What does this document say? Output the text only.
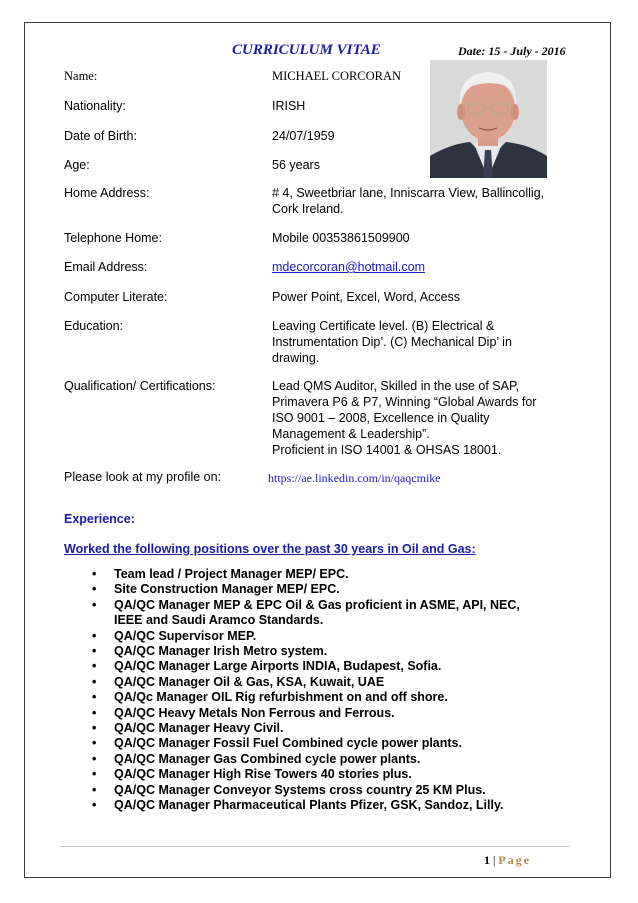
CURRICULUM VITAE	Date: 15 - July - 2016
Name:	MICHAEL CORCORAN
Nationality:	IRISH
Date of Birth:	24/07/1959
Age:	56 years
Home Address:	# 4, Sweetbriar lane, Inniscarra View, Ballincollig, Cork Ireland.
Telephone Home:	Mobile 00353861509900
Email Address:	mdecorcoran@hotmail.com
Computer Literate:	Power Point, Excel, Word, Access
Education:	Leaving Certificate level. (B) Electrical & Instrumentation Dip’. (C) Mechanical Dip’ in drawing.
Qualification/ Certifications:	Lead QMS Auditor, Skilled in the use of SAP, Primavera P6 & P7, Winning “Global Awards for ISO 9001 – 2008, Excellence in Quality Management & Leadership”.
Proficient in ISO 14001 & OHSAS 18001.
Please look at my profile on:	https://ae.linkedin.com/in/qaqcmike
Experience:
Worked the following positions over the past 30 years in Oil and Gas:
• Team lead / Project Manager MEP/ EPC.
• Site Construction Manager MEP/ EPC.
• QA/QC Manager MEP & EPC Oil & Gas proficient in ASME, API, NEC, IEEE and Saudi Aramco Standards.
• QA/QC Supervisor MEP.
• QA/QC Manager Irish Metro system.
• QA/QC Manager Large Airports INDIA, Budapest, Sofia.
• QA/QC Manager Oil & Gas, KSA, Kuwait, UAE
• QA/Qc Manager OIL Rig refurbishment on and off shore.
• QA/QC Heavy Metals Non Ferrous and Ferrous.
• QA/QC Manager Heavy Civil.
• QA/QC Manager Fossil Fuel Combined cycle power plants.
• QA/QC Manager Gas Combined cycle power plants.
• QA/QC Manager High Rise Towers 40 stories plus.
• QA/QC Manager Conveyor Systems cross country 25 KM Plus.
• QA/QC Manager Pharmaceutical Plants Pfizer, GSK, Sandoz, Lilly.
1 | Page
